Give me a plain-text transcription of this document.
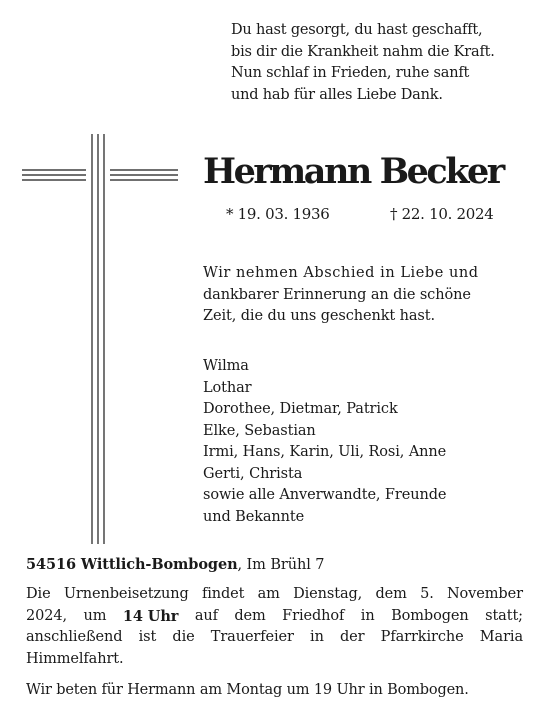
Du hast gesorgt, du hast geschafft,
bis dir die Krankheit nahm die Kraft.
Nun schlaf in Frieden, ruhe sanft
und hab für alles Liebe Dank.
Hermann Becker
* 19. 03. 1936	† 22. 10. 2024
Wir nehmen Abschied in Liebe und
dankbarer Erinnerung an die schöne
Zeit, die du uns geschenkt hast.
Wilma
Lothar
Dorothee, Dietmar, Patrick
Elke, Sebastian
Irmi, Hans, Karin, Uli, Rosi, Anne
Gerti, Christa
sowie alle Anverwandte, Freunde
und Bekannte
54516 Wittlich-Bombogen, Im Brühl 7
Die Urnenbeisetzung findet am Dienstag, dem 5. November
2024, um 14 Uhr auf dem Friedhof in Bombogen statt;
anschließend ist die Trauerfeier in der Pfarrkirche Maria
Himmelfahrt.
Wir beten für Hermann am Montag um 19 Uhr in Bombogen.
